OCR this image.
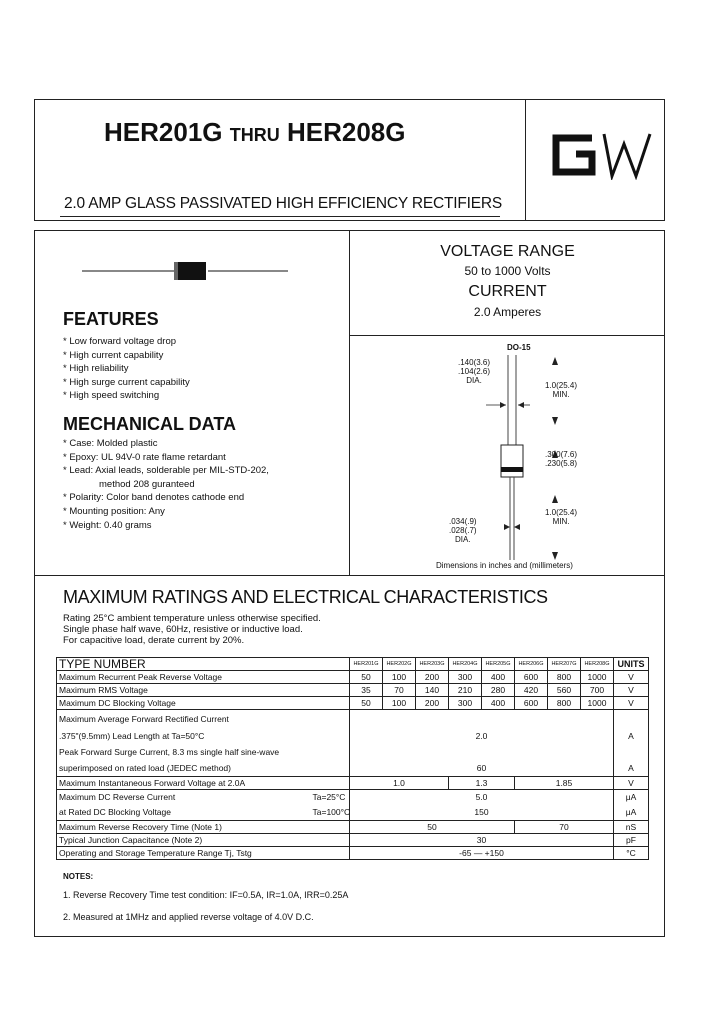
HER201G THRU HER208G
2.0 AMP GLASS PASSIVATED HIGH EFFICIENCY RECTIFIERS
FEATURES
* Low forward voltage drop
* High current capability
* High reliability
* High surge current capability
* High speed switching
MECHANICAL DATA
* Case: Molded plastic
* Epoxy: UL 94V-0 rate flame retardant
* Lead: Axial leads, solderable per MIL-STD-202,
method 208 guranteed
* Polarity: Color band denotes cathode end
* Mounting position: Any
* Weight: 0.40 grams
VOLTAGE RANGE
50 to 1000 Volts
CURRENT
2.0 Amperes
DO-15
.140(3.6)
.104(2.6)
DIA.
1.0(25.4)
MIN.
.300(7.6)
.230(5.8)
1.0(25.4)
MIN.
.034(.9)
.028(.7)
DIA.
Dimensions in inches and (millimeters)
MAXIMUM RATINGS AND ELECTRICAL CHARACTERISTICS
Rating 25°C ambient temperature unless otherwise specified.
Single phase half wave, 60Hz, resistive or inductive load.
For capacitive load, derate current by 20%.
TYPE NUMBER	HER201G	HER202G	HER203G	HER204G	HER205G	HER206G	HER207G	HER208G	UNITS
Maximum Recurrent Peak Reverse Voltage	50	100	200	300	400	600	800	1000	V
Maximum RMS Voltage	35	70	140	210	280	420	560	700	V
Maximum DC Blocking Voltage	50	100	200	300	400	600	800	1000	V
Maximum Average Forward Rectified Current									
.375"(9.5mm) Lead Length at Ta=50°C	2.0								A
Peak Forward Surge Current, 8.3 ms single half sine-wave									
superimposed on rated load (JEDEC method)	60								A
Maximum Instantaneous Forward Voltage at 2.0A	1.0			1.3		1.85			V
Maximum DC Reverse Current Ta=25°C	5.0								μA
at Rated DC Blocking Voltage Ta=100°C	150								μA
Maximum Reverse Recovery Time (Note 1)	50					70			nS
Typical Junction Capacitance (Note 2)	30								pF
Operating and Storage Temperature Range Tj, Tstg	-65 — +150								°C
NOTES:
1. Reverse Recovery Time test condition: IF=0.5A, IR=1.0A, IRR=0.25A
2. Measured at 1MHz and applied reverse voltage of 4.0V D.C.
